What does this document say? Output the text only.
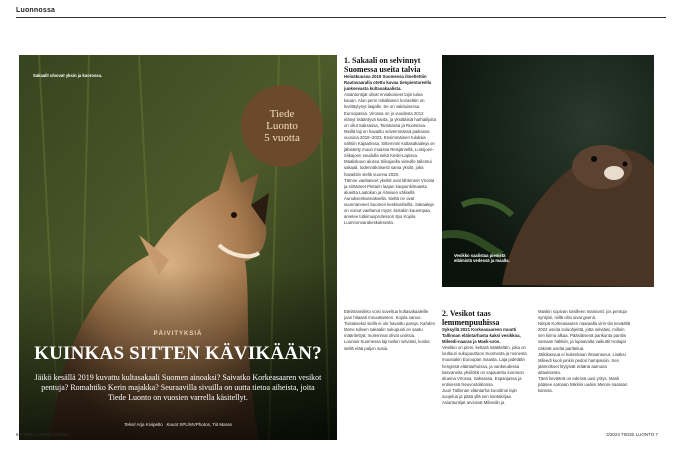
Luonnossa
Sakaalit ulvovat yksin ja kuorossa.
Tiede
Luonto
5 vuotta
PÄIVITYKSIÄ
KUINKAS SITTEN KÄVIKÄÄN?
Jäikö kesällä 2019 kuvattu kultasakaali Suomen ainoaksi? Saivatko Korkeasaaren vesikot pentuja? Romahtiko Kerin majakka? Seuraavilla sivuilla on uutta tietoa aiheista, joita Tiede Luonto on vuosien varrella käsitellyt.
Teksti Arja Kivipelto Kuvat SPL/MVPhotos, Tiit Maran
1. Sakaali on selvinnyt Suomessa useita talvia

Heinäkuussa 2019 Suomessa ilmeltettiin Rautavaaralla otettu kuvaa tienpientareella juoksevasta kultasakaalista.

Asiantuntijat olivat ennakoineet lajin tuloa kauan. Alun perin Intiallainen koiraeläin on levittäytynyt laajalle. Se on vakituisessa Euroopassa. Virossa on jo vuodesta 2012 elänyt lisääntyvä kanta, ja yksittäisiä harhailijoita on ollut Saksassa, Tanskassa ja Ruotsissa.

Meillä laji on havaittu selvemmässä paikassa vuosina 2018–2023. Ensimmäinen tuloksia nähtiin Kajaanissa. Sittemmin kultasakaaleja on jäbistetty muun muassa Reisjärvellä, Lumijoen-Siikajoen seudulla sekä Keski-Lapissa. Maaliskuun alussa Siikajoella videolle tallentui sakaali, todennäköisesti sama yksilö, joka havaittiin siellä vuonna 2020.

Tämne vaeltaneet yksilöt ovat lähteneet Virosta ja siirtäneet Pietarin laajan kaupunkimaasta alueitta Laatokan ja Äänisen välisellä Aunuksenkannaksella. Sieltä ne ovat suunnanneet Suomen keskivaiheilla. Sakaaleja on voinut vaeltanut myös Jostakin kauempaa, arvelee tutkimusprofessori Ilpo Kojola Luonnonvarakeskuksesta.

Vesikko saalistaa pienistä eläimistä vedessä ja maalla.

Eteläranniikko voisi soveltua kultasakaaleille joan hitaasti mnuuttaneen. Kojola sanoo. Toistaiseksi siellä ei ole havaittu pareja. Kahden tänne tulleen sakaalin sukupuoli on saatu määritettyä; molemmat olivat uroksia.

Lounais-Suomessa laji tuskin selviäisi, koska siellä elää paljon susia.

2. Vesikot taas lemmenpuuhissa

Syksyllä 2021 Korkeasaareen muutti Tallinnan eläintarhasta kaksi vesikkoa, Mileedi-naaras ja Mask-uros.

Vesikko on pieni, kettarä näätäeläin, joka on luultuuri sukupuuttoon Suomesta ja monesta muustakin Euroopan maasta. Laja pidetään hengissä eläintarhoissa, ja vankeudessa kasvaneita yksilöitä on vapautettu luontoon alueina Virossa, Saksassa, Espanjassa ja entisessä Neuvostoliitossa.

Juuri Tallinnan eläintarha koordinoi lajin suojelua ja pitää yllä sen kantakirjaa. Asiantuntijat arvioivat Mileedin ja

Maskin sopivan toisilleen mainiosti: jos pentuja syntyisi, niillä olisi oivat geenit.

Niinpä Korkeasaaren naaraalla virin-tiin keväällä 2022 useita soluohjeittä, jotta selviäisi, milloin sen kiima alkaa. Pääsiäisenä parikunta pantiin samaan häkkiin, ja lupaavalta vaikutti! Hoitajat näkivät useita parittelua.

Jälkikasvua ei kuitenkaan ilmaantunut. Lisäksi Mileedi kuoli jonkin pedon hampaisiin. Sen jäännökset löytyivät eräänä aamuna aitauksesta.

Tänä keväänä on edessä uusi yritys. Mask pääsee samaan häkkiin uuden Meloni-naaraan kanssa.

6 TIEDE LUONTO 3/2024	3/2024 TIEDE LUONTO 7
